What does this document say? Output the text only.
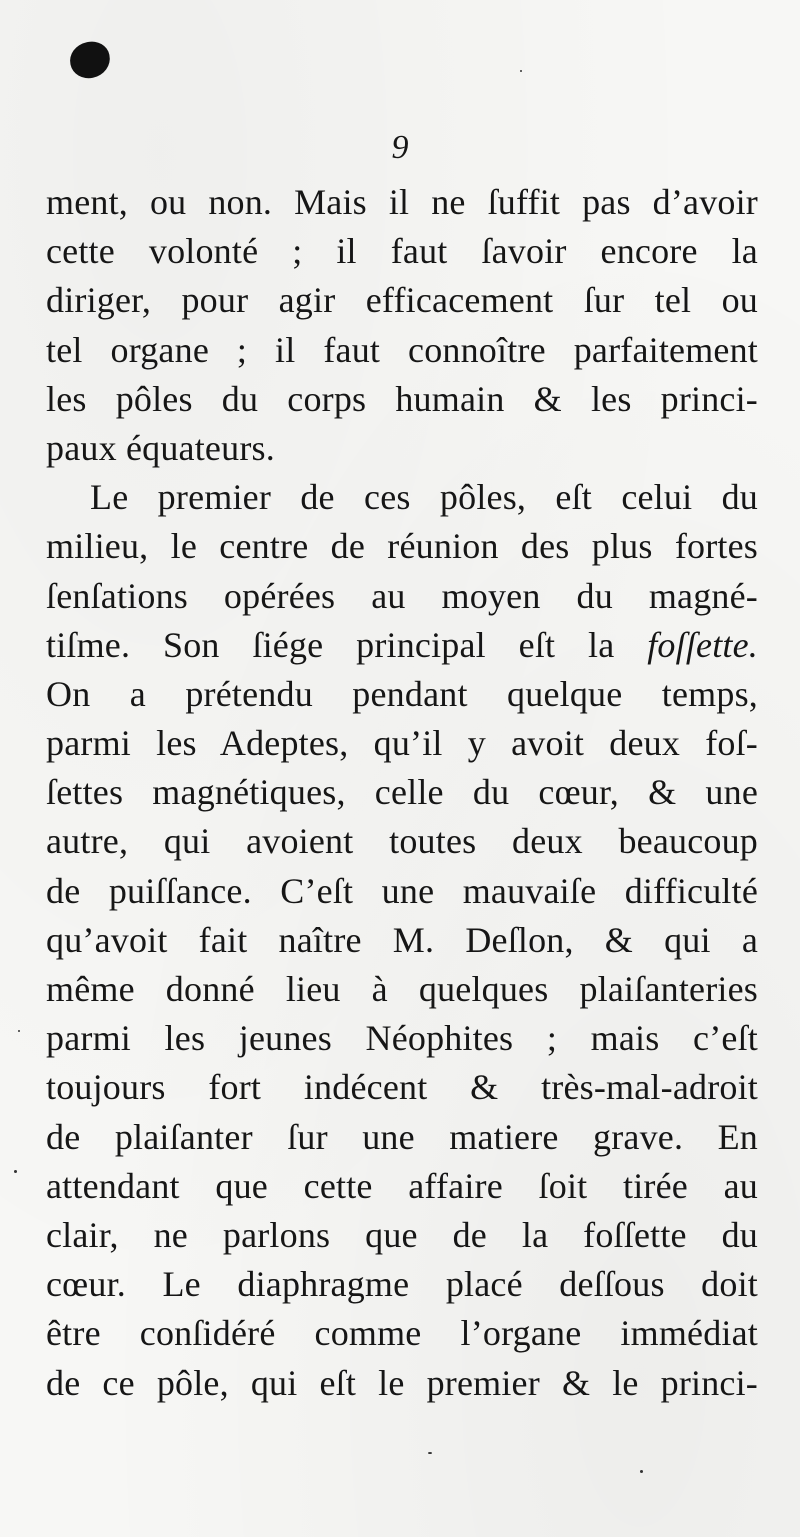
9
ment, ou non. Mais il ne ſuffit pas d’avoir
cette volonté ; il faut ſavoir encore la
diriger, pour agir efficacement ſur tel ou
tel organe ; il faut connoître parfaitement
les pôles du corps humain & les princi-
paux équateurs.
Le premier de ces pôles, eſt celui du
milieu, le centre de réunion des plus fortes
ſenſations opérées au moyen du magné-
tiſme. Son ſiége principal eſt la foſſette.
On a prétendu pendant quelque temps,
parmi les Adeptes, qu’il y avoit deux foſ-
ſettes magnétiques, celle du cœur, & une
autre, qui avoient toutes deux beaucoup
de puiſſance. C’eſt une mauvaiſe difficulté
qu’avoit fait naître M. Deſlon, & qui a
même donné lieu à quelques plaiſanteries
parmi les jeunes Néophites ; mais c’eſt
toujours fort indécent & très-mal-adroit
de plaiſanter ſur une matiere grave. En
attendant que cette affaire ſoit tirée au
clair, ne parlons que de la foſſette du
cœur. Le diaphragme placé deſſous doit
être conſidéré comme l’organe immédiat
de ce pôle, qui eſt le premier & le princi-
